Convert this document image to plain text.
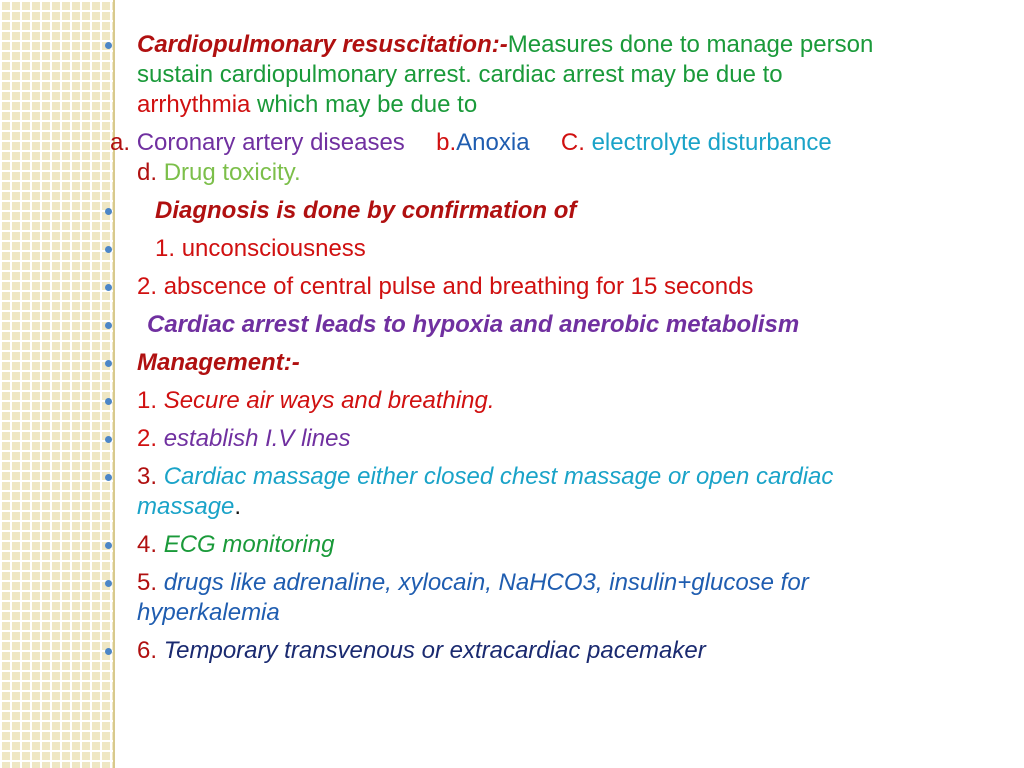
Cardiopulmonary resuscitation:-Measures done to manage person
sustain cardiopulmonary arrest. cardiac arrest may be due to
arrhythmia which may be due to
a. Coronary artery diseases b.Anoxia C. electrolyte disturbance
d. Drug toxicity.
Diagnosis is done by confirmation of
1. unconsciousness
2. abscence of central pulse and breathing for 15 seconds
Cardiac arrest leads to hypoxia and anerobic metabolism
Management:-
1. Secure air ways and breathing.
2. establish I.V lines
3. Cardiac massage either closed chest massage or open cardiac
massage.
4. ECG monitoring
5. drugs like adrenaline, xylocain, NaHCO3, insulin+glucose for
hyperkalemia
6. Temporary transvenous or extracardiac pacemaker
